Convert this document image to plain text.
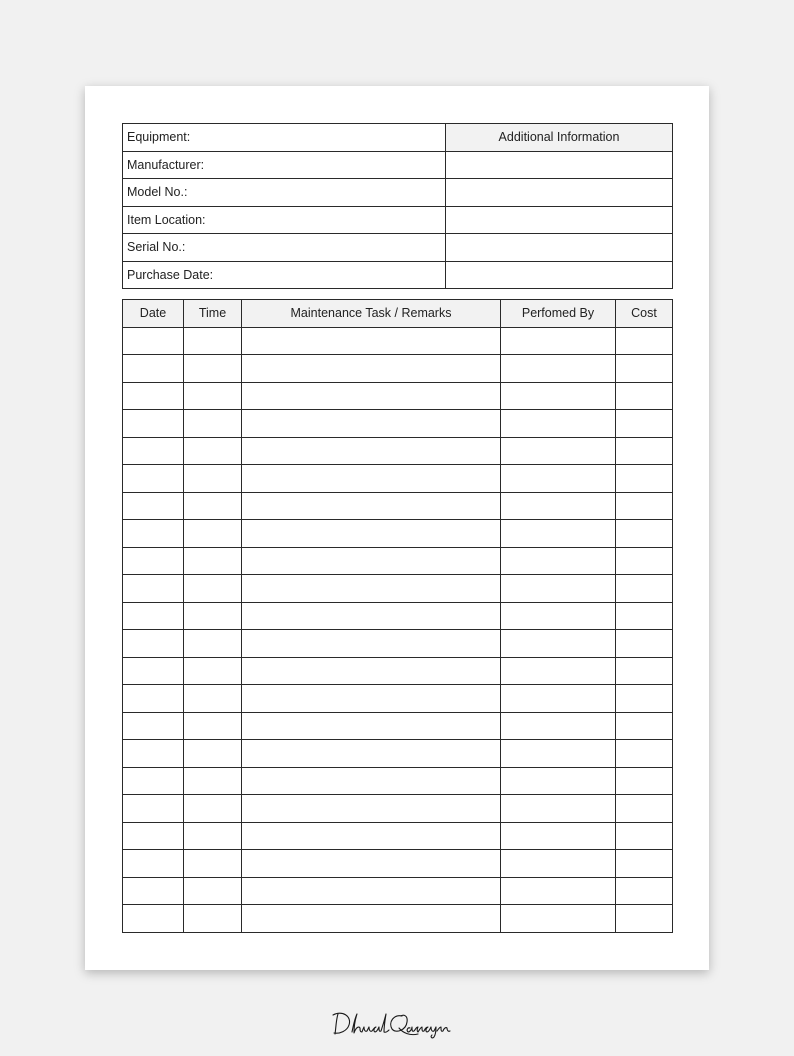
Equipment:	Additional Information
Manufacturer:	
Model No.:	
Item Location:	
Serial No.:	
Purchase Date:	
Date	Time	Maintenance Task / Remarks	Perfomed By	Cost
